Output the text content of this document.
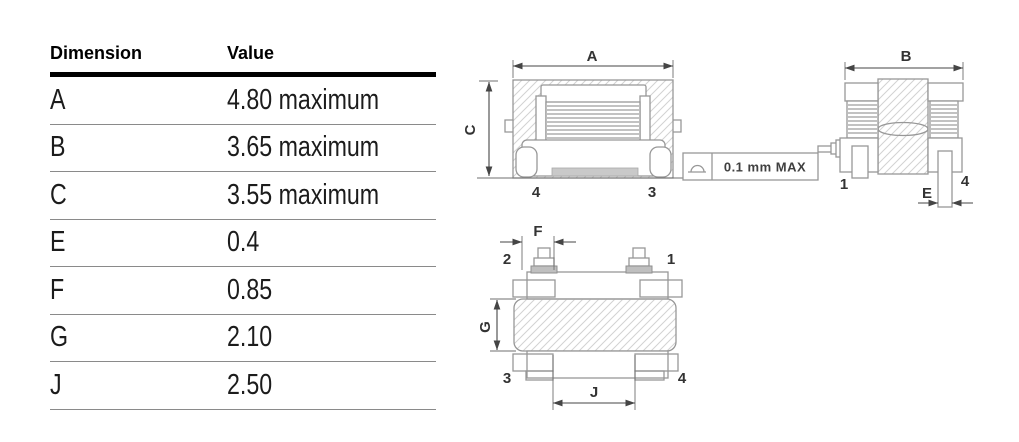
Dimension	Value
A	4.80 maximum
B	3.65 maximum
C	3.55 maximum
E	0.4
F	0.85
G	2.10
J	2.50
A
C
4	3
0.1 mm MAX
1	4
B
E
F
G
J
2	1
3	4
